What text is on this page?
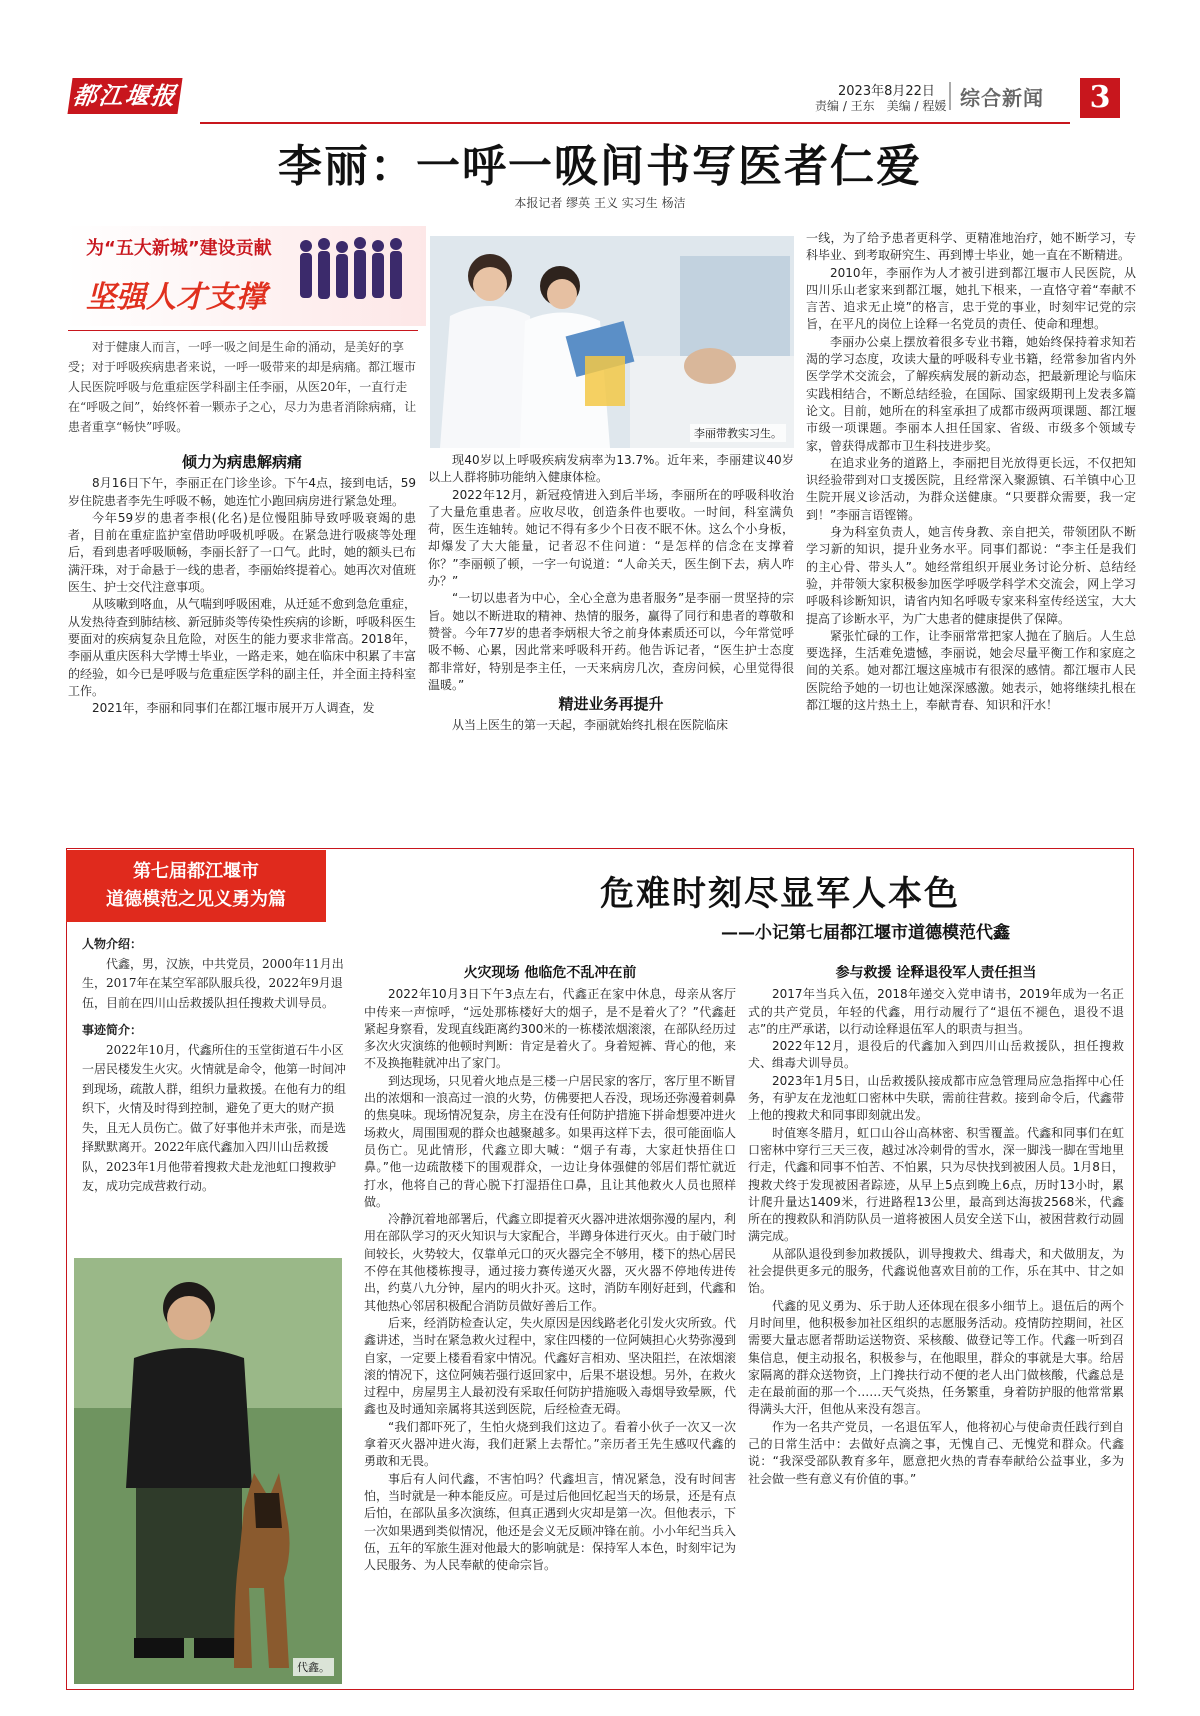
都江堰报	2023年8月22日
责编 / 王东　美编 / 程媛 综合新闻	3
李丽：一呼一吸间书写医者仁爱
本报记者 缪英 王义 实习生 杨洁
为“五大新城”建设贡献
坚强人才支撑
对于健康人而言，一呼一吸之间是生命的涌动，是美好的享受；对于呼吸疾病患者来说，一呼一吸带来的却是病痛。都江堰市人民医院呼吸与危重症医学科副主任李丽，从医20年，一直行走在“呼吸之间”，始终怀着一颗赤子之心，尽力为患者消除病痛，让患者重享“畅快”呼吸。	李丽带教实习生。
倾力为病患解病痛

8月16日下午，李丽正在门诊坐诊。下午4点，接到电话，59岁住院患者李先生呼吸不畅，她连忙小跑回病房进行紧急处理。

今年59岁的患者李根(化名)是位慢阻肺导致呼吸衰竭的患者，目前在重症监护室借助呼吸机呼吸。在紧急进行吸痰等处理后，看到患者呼吸顺畅，李丽长舒了一口气。此时，她的额头已布满汗珠，对于命悬于一线的患者，李丽始终提着心。她再次对值班医生、护士交代注意事项。

从咳嗽到咯血，从气喘到呼吸困难，从迁延不愈到急危重症，从发热待查到肺结核、新冠肺炎等传染性疾病的诊断，呼吸科医生要面对的疾病复杂且危险，对医生的能力要求非常高。2018年，李丽从重庆医科大学博士毕业，一路走来，她在临床中积累了丰富的经验，如今已是呼吸与危重症医学科的副主任，并全面主持科室工作。

2021年，李丽和同事们在都江堰市展开万人调查，发

现40岁以上呼吸疾病发病率为13.7%。近年来，李丽建议40岁以上人群将肺功能纳入健康体检。

2022年12月，新冠疫情进入到后半场，李丽所在的呼吸科收治了大量危重患者。应收尽收，创造条件也要收。一时间，科室满负荷，医生连轴转。她记不得有多少个日夜不眠不休。这么个小身板，却爆发了大大能量，记者忍不住问道：“是怎样的信念在支撑着你？”李丽顿了顿，一字一句说道：“人命关天，医生倒下去，病人咋办？”

“一切以患者为中心，全心全意为患者服务”是李丽一贯坚持的宗旨。她以不断进取的精神、热情的服务，赢得了同行和患者的尊敬和赞誉。今年77岁的患者李炳根大爷之前身体素质还可以，今年常觉呼吸不畅、心累，因此常来呼吸科开药。他告诉记者，“医生护士态度都非常好，特别是李主任，一天来病房几次，查房问候，心里觉得很温暖。”

精进业务再提升

从当上医生的第一天起，李丽就始终扎根在医院临床

一线，为了给予患者更科学、更精准地治疗，她不断学习，专科毕业、到考取研究生、再到博士毕业，她一直在不断精进。

2010年，李丽作为人才被引进到都江堰市人民医院，从四川乐山老家来到都江堰，她扎下根来，一直恪守着“奉献不言苦、追求无止境”的格言，忠于党的事业，时刻牢记党的宗旨，在平凡的岗位上诠释一名党员的责任、使命和理想。

李丽办公桌上摆放着很多专业书籍，她始终保持着求知若渴的学习态度，攻读大量的呼吸科专业书籍，经常参加省内外医学学术交流会，了解疾病发展的新动态，把最新理论与临床实践相结合，不断总结经验，在国际、国家级期刊上发表多篇论文。目前，她所在的科室承担了成都市级两项课题、都江堰市级一项课题。李丽本人担任国家、省级、市级多个领域专家，曾获得成都市卫生科技进步奖。

在追求业务的道路上，李丽把目光放得更长远，不仅把知识经验带到对口支援医院，且经常深入聚源镇、石羊镇中心卫生院开展义诊活动，为群众送健康。“只要群众需要，我一定到！”李丽言语铿锵。

身为科室负责人，她言传身教、亲自把关，带领团队不断学习新的知识，提升业务水平。同事们都说：“李主任是我们的主心骨、带头人”。她经常组织开展业务讨论分析、总结经验，并带领大家积极参加医学呼吸学科学术交流会，网上学习呼吸科诊断知识，请省内知名呼吸专家来科室传经送宝，大大提高了诊断水平，为广大患者的健康提供了保障。

紧张忙碌的工作，让李丽常常把家人抛在了脑后。人生总要选择，生活难免遗憾，李丽说，她会尽量平衡工作和家庭之间的关系。她对都江堰这座城市有很深的感情。都江堰市人民医院给予她的一切也让她深深感激。她表示，她将继续扎根在都江堰的这片热土上，奉献青春、知识和汗水！

第七届都江堰市
道德模范之见义勇为篇	危难时刻尽显军人本色
——小记第七届都江堰市道德模范代鑫
人物介绍：

代鑫，男，汉族，中共党员，2000年11月出生，2017年在某空军部队服兵役，2022年9月退伍，目前在四川山岳救援队担任搜救犬训导员。

事迹简介：

2022年10月，代鑫所住的玉堂街道石牛小区一居民楼发生火灾。火情就是命令，他第一时间冲到现场，疏散人群，组织力量救援。在他有力的组织下，火情及时得到控制，避免了更大的财产损失，且无人员伤亡。做了好事他并未声张，而是选择默默离开。2022年底代鑫加入四川山岳救援队，2023年1月他带着搜救犬赴龙池虹口搜救驴友，成功完成营救行动。

代鑫。
火灾现场 他临危不乱冲在前

2022年10月3日下午3点左右，代鑫正在家中休息，母亲从客厅中传来一声惊呼，“远处那栋楼好大的烟子，是不是着火了？”代鑫赶紧起身察看，发现直线距离约300米的一栋楼浓烟滚滚，在部队经历过多次火灾演练的他顿时判断：肯定是着火了。身着短裤、背心的他，来不及换拖鞋就冲出了家门。

到达现场，只见着火地点是三楼一户居民家的客厅，客厅里不断冒出的浓烟和一浪高过一浪的火势，仿佛要把人吞没，现场还弥漫着刺鼻的焦臭味。现场情况复杂，房主在没有任何防护措施下拼命想要冲进火场救火，周围围观的群众也越聚越多。如果再这样下去，很可能面临人员伤亡。见此情形，代鑫立即大喊：“烟子有毒，大家赶快捂住口鼻。”他一边疏散楼下的围观群众，一边让身体强健的邻居们帮忙就近打水，他将自己的背心脱下打湿捂住口鼻，且让其他救火人员也照样做。

冷静沉着地部署后，代鑫立即提着灭火器冲进浓烟弥漫的屋内，利用在部队学习的灭火知识与大家配合，半蹲身体进行灭火。由于破门时间较长，火势较大，仅靠单元口的灭火器完全不够用，楼下的热心居民不停在其他楼栋搜寻，通过接力赛传递灭火器，灭火器不停地传进传出，约莫八九分钟，屋内的明火扑灭。这时，消防车刚好赶到，代鑫和其他热心邻居积极配合消防员做好善后工作。

后来，经消防检查认定，失火原因是因线路老化引发火灾所致。代鑫讲述，当时在紧急救火过程中，家住四楼的一位阿姨担心火势弥漫到自家，一定要上楼看看家中情况。代鑫好言相劝、坚决阻拦，在浓烟滚滚的情况下，这位阿姨若强行返回家中，后果不堪设想。另外，在救火过程中，房屋男主人最初没有采取任何防护措施吸入毒烟导致晕厥，代鑫也及时通知亲属将其送到医院，后经检查无碍。

“我们都吓死了，生怕火烧到我们这边了。看着小伙子一次又一次拿着灭火器冲进火海，我们赶紧上去帮忙。”亲历者王先生感叹代鑫的勇敢和无畏。

事后有人问代鑫，不害怕吗？代鑫坦言，情况紧急，没有时间害怕，当时就是一种本能反应。可是过后他回忆起当天的场景，还是有点后怕，在部队虽多次演练，但真正遇到火灾却是第一次。但他表示，下一次如果遇到类似情况，他还是会义无反顾冲锋在前。小小年纪当兵入伍，五年的军旅生涯对他最大的影响就是：保持军人本色，时刻牢记为人民服务、为人民奉献的使命宗旨。

参与救援 诠释退役军人责任担当

2017年当兵入伍，2018年递交入党申请书，2019年成为一名正式的共产党员，年轻的代鑫，用行动履行了“退伍不褪色，退役不退志”的庄严承诺，以行动诠释退伍军人的职责与担当。

2022年12月，退役后的代鑫加入到四川山岳救援队，担任搜救犬、缉毒犬训导员。

2023年1月5日，山岳救援队接成都市应急管理局应急指挥中心任务，有驴友在龙池虹口密林中失联，需前往营救。接到命令后，代鑫带上他的搜救犬和同事即刻就出发。

时值寒冬腊月，虹口山谷山高林密、积雪覆盖。代鑫和同事们在虹口密林中穿行三天三夜，越过冰冷刺骨的雪水，深一脚浅一脚在雪地里行走，代鑫和同事不怕苦、不怕累，只为尽快找到被困人员。1月8日，搜救犬终于发现被困者踪迹，从早上5点到晚上6点，历时13小时，累计爬升量达1409米，行进路程13公里，最高到达海拔2568米，代鑫所在的搜救队和消防队员一道将被困人员安全送下山，被困营救行动圆满完成。

从部队退役到参加救援队，训导搜救犬、缉毒犬，和犬做朋友，为社会提供更多元的服务，代鑫说他喜欢目前的工作，乐在其中、甘之如饴。

代鑫的见义勇为、乐于助人还体现在很多小细节上。退伍后的两个月时间里，他积极参加社区组织的志愿服务活动。疫情防控期间，社区需要大量志愿者帮助运送物资、采核酸、做登记等工作。代鑫一听到召集信息，便主动报名，积极参与，在他眼里，群众的事就是大事。给居家隔离的群众送物资，上门搀扶行动不便的老人出门做核酸，代鑫总是走在最前面的那一个……天气炎热，任务繁重，身着防护服的他常常累得满头大汗，但他从来没有怨言。

作为一名共产党员，一名退伍军人，他将初心与使命责任践行到自己的日常生活中：去做好点滴之事，无愧自己、无愧党和群众。代鑫说：“我深受部队教育多年，愿意把火热的青春奉献给公益事业，多为社会做一些有意义有价值的事。”
